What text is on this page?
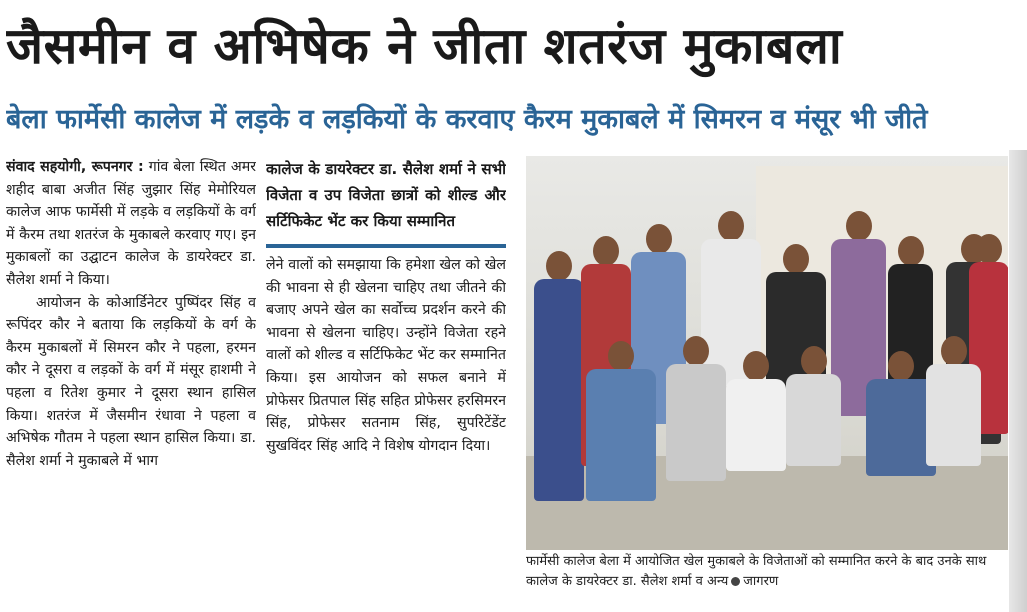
जैसमीन व अभिषेक ने जीता शतरंज मुकाबला
बेला फार्मेसी कालेज में लड़के व लड़कियों के करवाए कैरम मुकाबले में सिमरन व मंसूर भी जीते

संवाद सहयोगी, रूपनगर : गांव बेला स्थित अमर शहीद बाबा अजीत सिंह जुझार सिंह मेमोरियल कालेज आफ फार्मेसी में लड़के व लड़कियों के वर्ग में कैरम तथा शतरंज के मुकाबले करवाए गए। इन मुकाबलों का उद्घाटन कालेज के डायरेक्टर डा. सैलेश शर्मा ने किया।

आयोजन के कोआर्डिनेटर पुष्पिंदर सिंह व रूपिंदर कौर ने बताया कि लड़कियों के वर्ग के कैरम मुकाबलों में सिमरन कौर ने पहला, हरमन कौर ने दूसरा व लड़कों के वर्ग में मंसूर हाशमी ने पहला व रितेश कुमार ने दूसरा स्थान हासिल किया। शतरंज में जैसमीन रंधावा ने पहला व अभिषेक गौतम ने पहला स्थान हासिल किया। डा. सैलेश शर्मा ने मुकाबले में भाग

कालेज के डायरेक्टर डा. सैलेश शर्मा ने सभी विजेता व उप विजेता छात्रों को शील्ड और सर्टिफिकेट भेंट कर किया सम्मानित

लेने वालों को समझाया कि हमेशा खेल को खेल की भावना से ही खेलना चाहिए तथा जीतने की बजाए अपने खेल का सर्वोच्च प्रदर्शन करने की भावना से खेलना चाहिए। उन्होंने विजेता रहने वालों को शील्ड व सर्टिफिकेट भेंट कर सम्मानित किया। इस आयोजन को सफल बनाने में प्रोफेसर प्रितपाल सिंह सहित प्रोफेसर हरसिमरन सिंह, प्रोफेसर सतनाम सिंह, सुपरिटेंडेंट सुखविंदर सिंह आदि ने विशेष योगदान दिया।

फार्मेसी कालेज बेला में आयोजित खेल मुकाबले के विजेताओं को सम्मानित करने के बाद उनके साथ कालेज के डायरेक्टर डा. सैलेश शर्मा व अन्य जागरण
